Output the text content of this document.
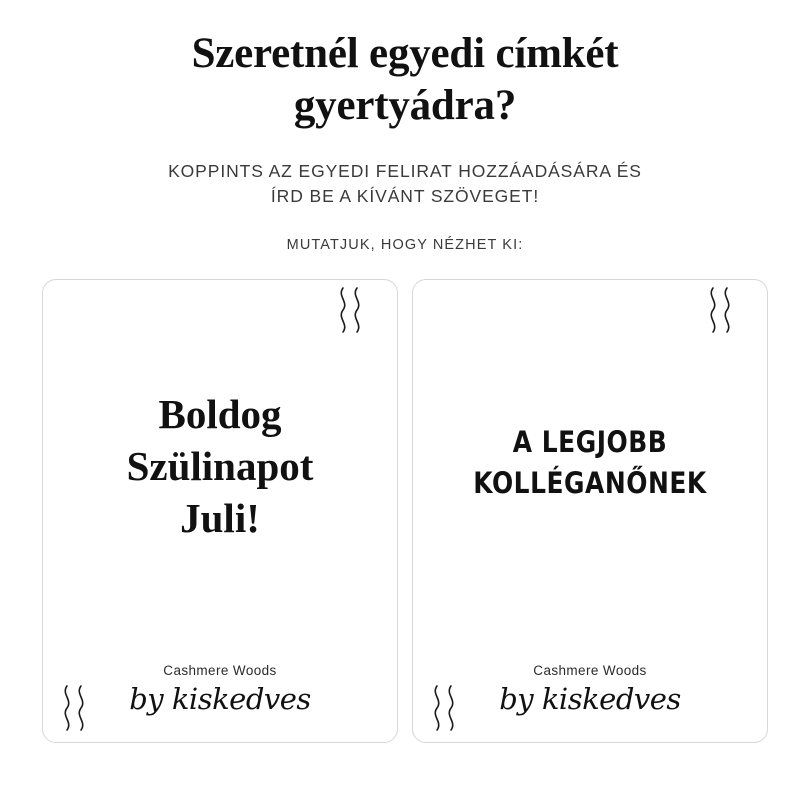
Szeretnél egyedi címkét
gyertyádra?

KOPPINTS AZ EGYEDI FELIRAT HOZZÁADÁSÁRA ÉS
ÍRD BE A KÍVÁNT SZÖVEGET!

MUTATJUK, HOGY NÉZHET KI:

Boldog
Szülinapot
Juli!
Cashmere Woods
by kiskedves
A LEGJOBB
KOLLÉGANŐNEK
Cashmere Woods
by kiskedves
